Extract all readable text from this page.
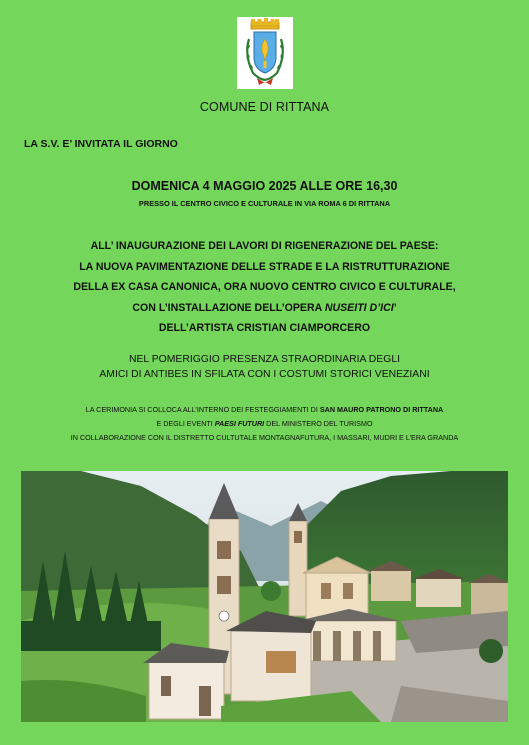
COMUNE DI RITTANA
LA S.V. E’ INVITATA IL GIORNO
DOMENICA 4 MAGGIO 2025 ALLE ORE 16,30
PRESSO IL CENTRO CIVICO E CULTURALE IN VIA ROMA 6 DI RITTANA
ALL’ INAUGURAZIONE DEI LAVORI DI RIGENERAZIONE DEL PAESE:
LA NUOVA PAVIMENTAZIONE DELLE STRADE E LA RISTRUTTURAZIONE
DELLA EX CASA CANONICA, ORA NUOVO CENTRO CIVICO E CULTURALE,
CON L’INSTALLAZIONE DELL’OPERA NUSEITI D’ICI’
DELL’ARTISTA CRISTIAN CIAMPORCERO
NEL POMERIGGIO PRESENZA STRAORDINARIA DEGLI
AMICI DI ANTIBES IN SFILATA CON I COSTUMI STORICI VENEZIANI
LA CERIMONIA SI COLLOCA ALL’INTERNO DEI FESTEGGIAMENTI DI SAN MAURO PATRONO DI RITTANA
E DEGLI EVENTI PAESI FUTURI DEL MINISTERO DEL TURISMO
IN COLLABORAZIONE CON IL DISTRETTO CULTUTALE MONTAGNAFUTURA, I MASSARI, MUDRI E L’ERA GRANDA
